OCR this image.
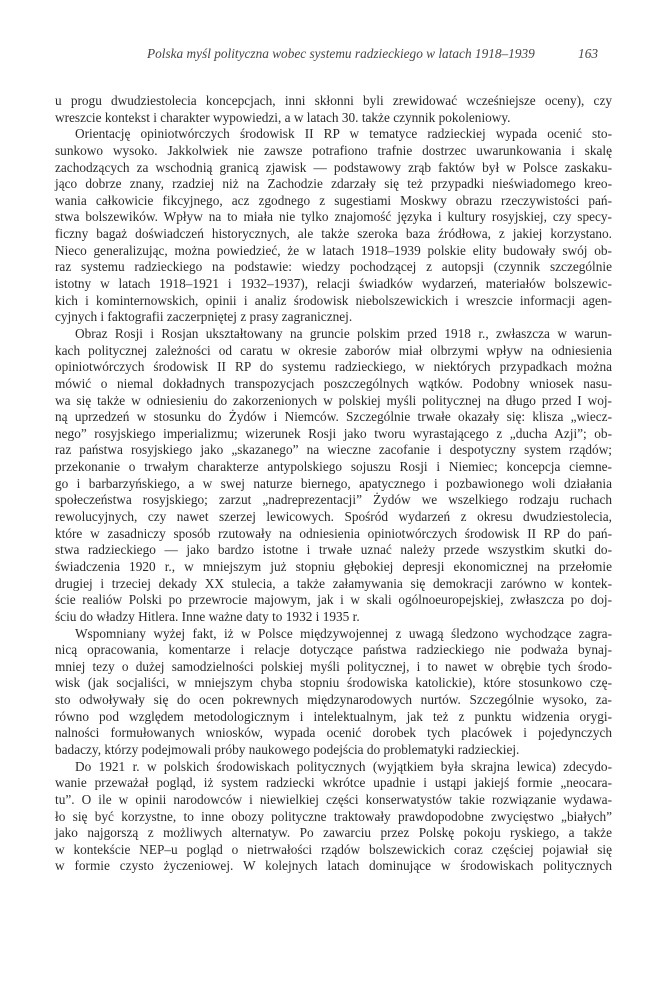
Polska myśl polityczna wobec systemu radzieckiego w latach 1918–1939	163
u progu dwudziestolecia koncepcjach, inni skłonni byli zrewidować wcześniejsze oceny), czy
wreszcie kontekst i charakter wypowiedzi, a w latach 30. także czynnik pokoleniowy.
Orientację opiniotwórczych środowisk II RP w tematyce radzieckiej wypada ocenić sto-
sunkowo wysoko. Jakkolwiek nie zawsze potrafiono trafnie dostrzec uwarunkowania i skalę
zachodzących za wschodnią granicą zjawisk — podstawowy zrąb faktów był w Polsce zaskaku-
jąco dobrze znany, rzadziej niż na Zachodzie zdarzały się też przypadki nieświadomego kreo-
wania całkowicie fikcyjnego, acz zgodnego z sugestiami Moskwy obrazu rzeczywistości pań-
stwa bolszewików. Wpływ na to miała nie tylko znajomość języka i kultury rosyjskiej, czy specy-
ficzny bagaż doświadczeń historycznych, ale także szeroka baza źródłowa, z jakiej korzystano.
Nieco generalizując, można powiedzieć, że w latach 1918–1939 polskie elity budowały swój ob-
raz systemu radzieckiego na podstawie: wiedzy pochodzącej z autopsji (czynnik szczególnie
istotny w latach 1918–1921 i 1932–1937), relacji świadków wydarzeń, materiałów bolszewic-
kich i kominternowskich, opinii i analiz środowisk niebolszewickich i wreszcie informacji agen-
cyjnych i faktografii zaczerpniętej z prasy zagranicznej.
Obraz Rosji i Rosjan ukształtowany na gruncie polskim przed 1918 r., zwłaszcza w warun-
kach politycznej zależności od caratu w okresie zaborów miał olbrzymi wpływ na odniesienia
opiniotwórczych środowisk II RP do systemu radzieckiego, w niektórych przypadkach można
mówić o niemal dokładnych transpozycjach poszczególnych wątków. Podobny wniosek nasu-
wa się także w odniesieniu do zakorzenionych w polskiej myśli politycznej na długo przed I woj-
ną uprzedzeń w stosunku do Żydów i Niemców. Szczególnie trwałe okazały się: klisza „wiecz-
nego” rosyjskiego imperializmu; wizerunek Rosji jako tworu wyrastającego z „ducha Azji”; ob-
raz państwa rosyjskiego jako „skazanego” na wieczne zacofanie i despotyczny system rządów;
przekonanie o trwałym charakterze antypolskiego sojuszu Rosji i Niemiec; koncepcja ciemne-
go i barbarzyńskiego, a w swej naturze biernego, apatycznego i pozbawionego woli działania
społeczeństwa rosyjskiego; zarzut „nadreprezentacji” Żydów we wszelkiego rodzaju ruchach
rewolucyjnych, czy nawet szerzej lewicowych. Spośród wydarzeń z okresu dwudziestolecia,
które w zasadniczy sposób rzutowały na odniesienia opiniotwórczych środowisk II RP do pań-
stwa radzieckiego — jako bardzo istotne i trwałe uznać należy przede wszystkim skutki do-
świadczenia 1920 r., w mniejszym już stopniu głębokiej depresji ekonomicznej na przełomie
drugiej i trzeciej dekady XX stulecia, a także załamywania się demokracji zarówno w kontek-
ście realiów Polski po przewrocie majowym, jak i w skali ogólnoeuropejskiej, zwłaszcza po doj-
ściu do władzy Hitlera. Inne ważne daty to 1932 i 1935 r.
Wspomniany wyżej fakt, iż w Polsce międzywojennej z uwagą śledzono wychodzące zagra-
nicą opracowania, komentarze i relacje dotyczące państwa radzieckiego nie podważa bynaj-
mniej tezy o dużej samodzielności polskiej myśli politycznej, i to nawet w obrębie tych środo-
wisk (jak socjaliści, w mniejszym chyba stopniu środowiska katolickie), które stosunkowo czę-
sto odwoływały się do ocen pokrewnych międzynarodowych nurtów. Szczególnie wysoko, za-
równo pod względem metodologicznym i intelektualnym, jak też z punktu widzenia orygi-
nalności formułowanych wniosków, wypada ocenić dorobek tych placówek i pojedynczych
badaczy, którzy podejmowali próby naukowego podejścia do problematyki radzieckiej.
Do 1921 r. w polskich środowiskach politycznych (wyjątkiem była skrajna lewica) zdecydo-
wanie przeważał pogląd, iż system radziecki wkrótce upadnie i ustąpi jakiejś formie „neocara-
tu”. O ile w opinii narodowców i niewielkiej części konserwatystów takie rozwiązanie wydawa-
ło się być korzystne, to inne obozy polityczne traktowały prawdopodobne zwycięstwo „białych”
jako najgorszą z możliwych alternatyw. Po zawarciu przez Polskę pokoju ryskiego, a także
w kontekście NEP–u pogląd o nietrwałości rządów bolszewickich coraz częściej pojawiał się
w formie czysto życzeniowej. W kolejnych latach dominujące w środowiskach politycznych
